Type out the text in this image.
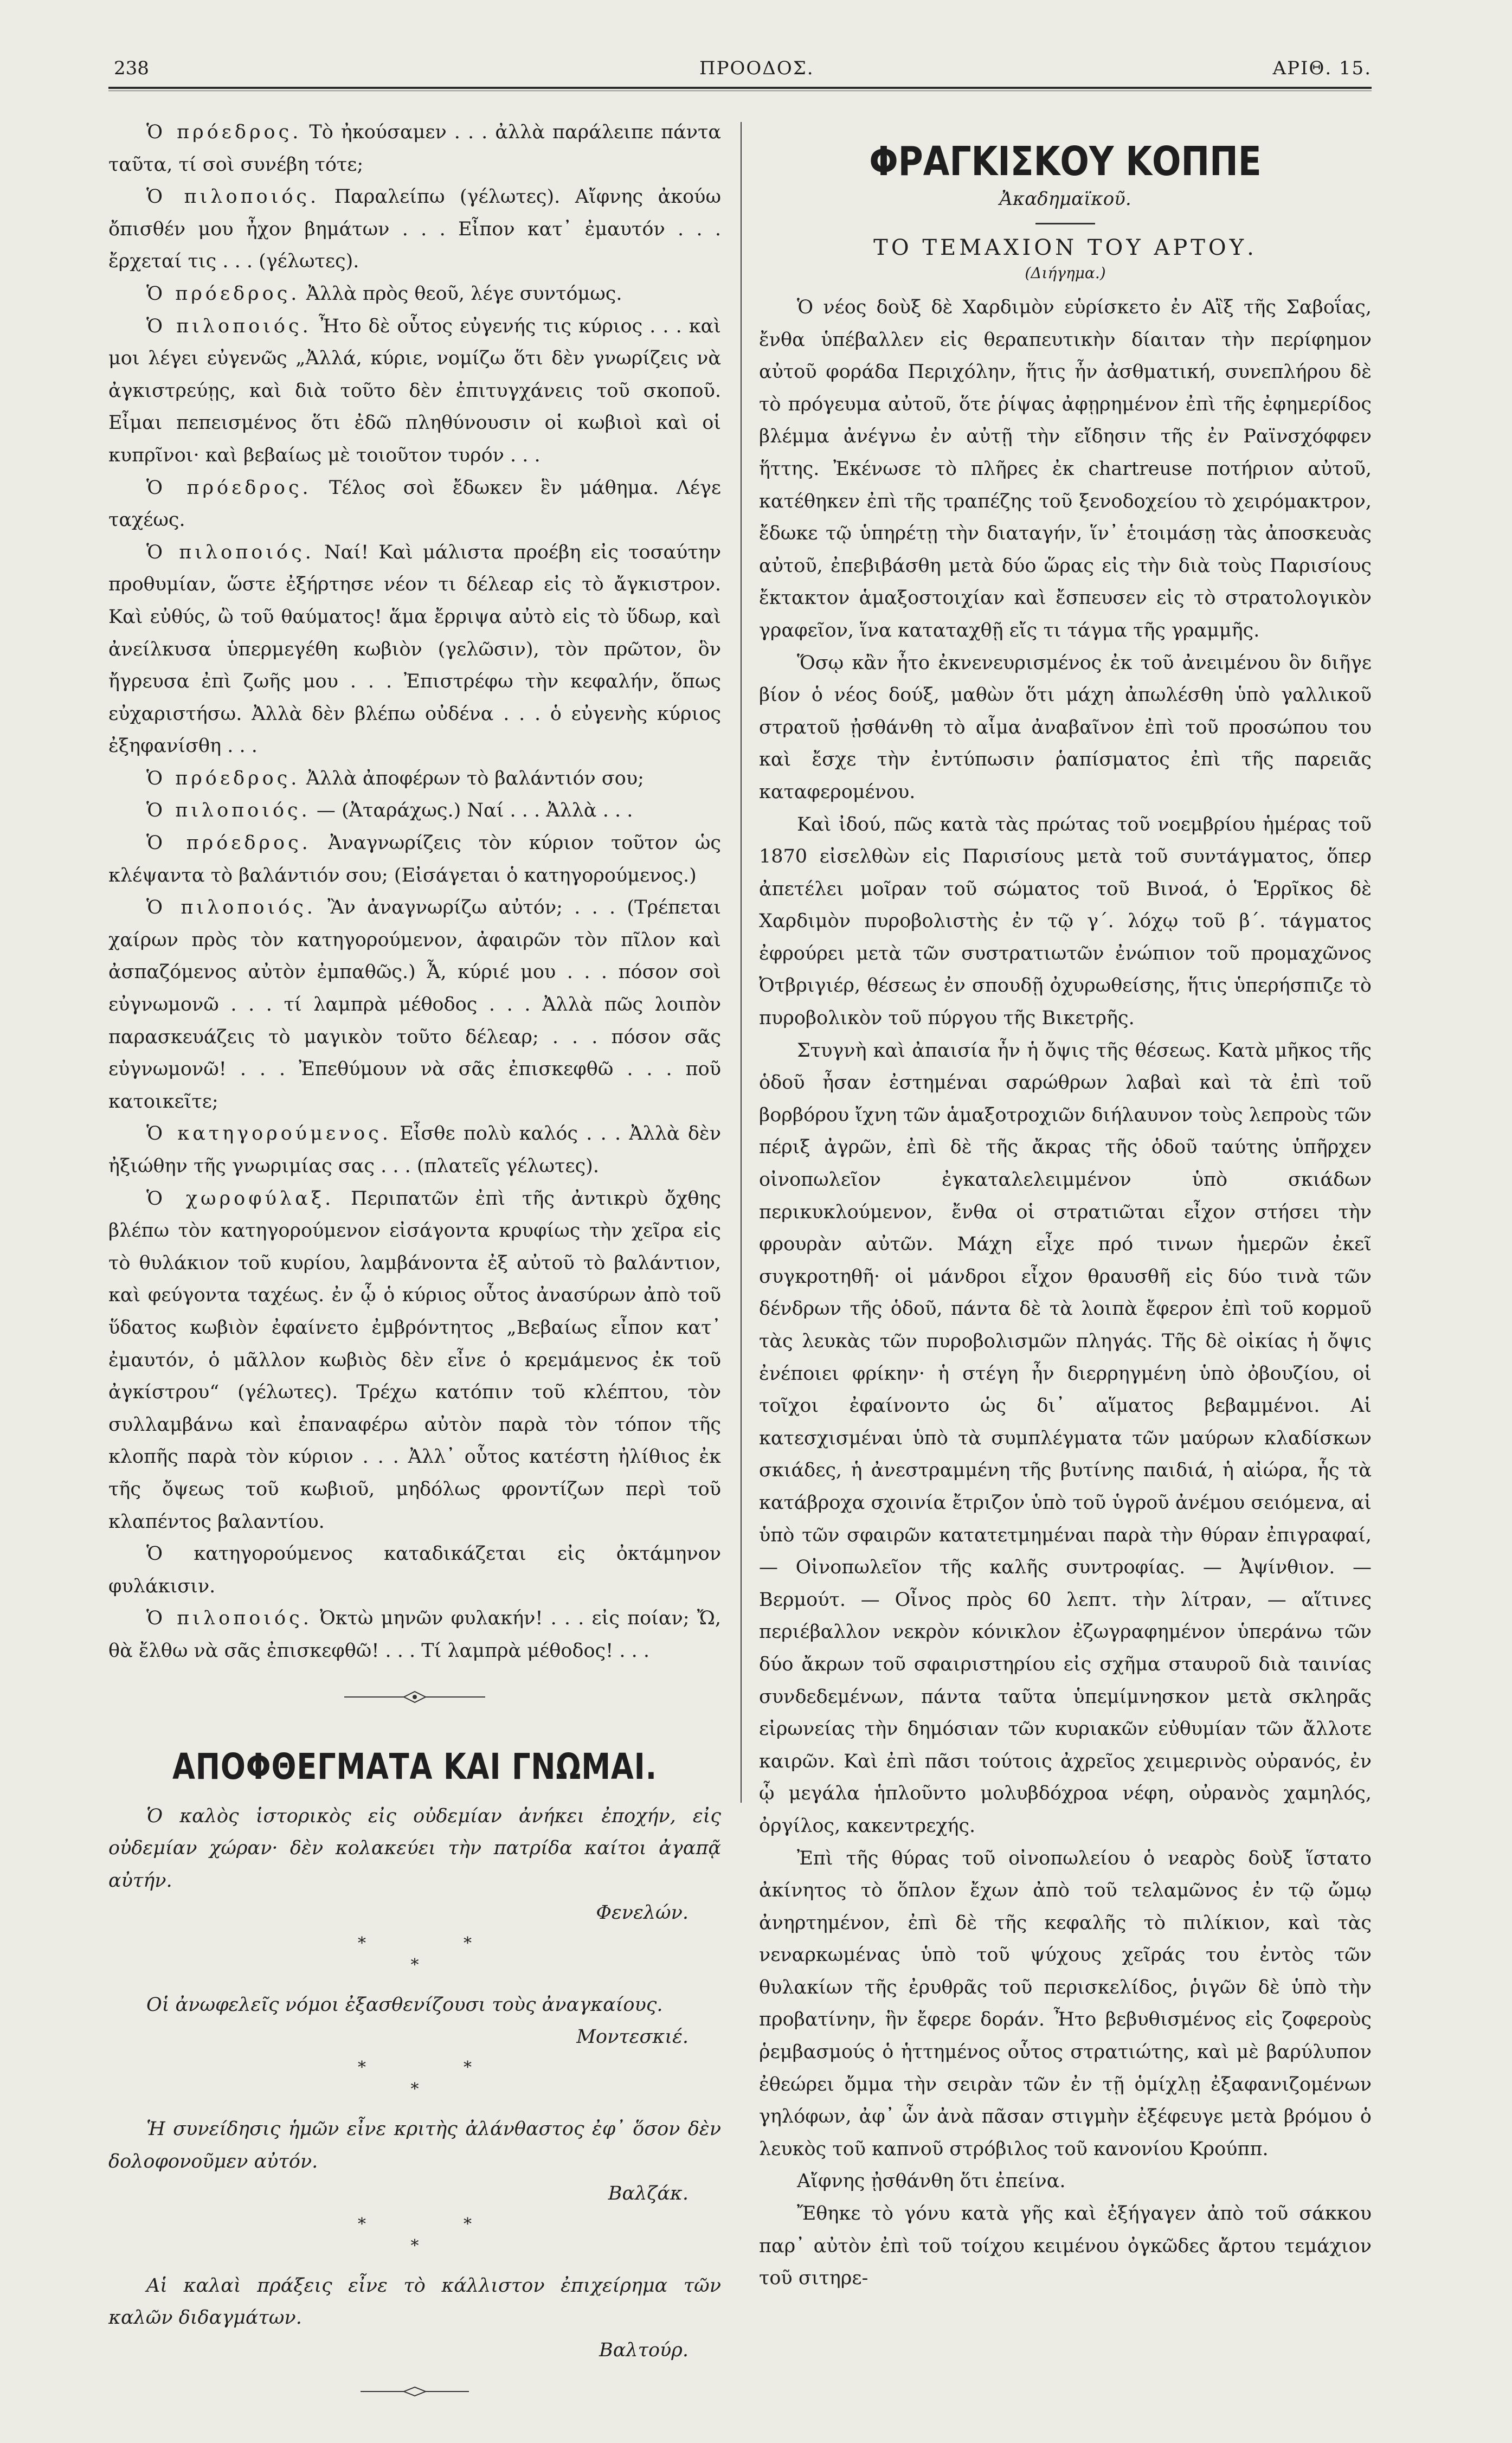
238	ΠΡΟΟΔΟΣ.	ΑΡΙΘ. 15.

Ὁ πρόεδρος. Τὸ ἠκούσαμεν . . . ἀλλὰ παράλειπε πάντα ταῦτα, τί σοὶ συνέβη τότε;

Ὁ πιλοποιός. Παραλείπω (γέλωτες). Αἴφνης ἀκούω ὄπισθέν μου ἦχον βημάτων . . . Εἶπον κατ᾽ ἐμαυτόν . . . ἔρχεταί τις . . . (γέλωτες).

Ὁ πρόεδρος. Ἀλλὰ πρὸς θεοῦ, λέγε συντόμως.

Ὁ πιλοποιός. Ἦτο δὲ οὗτος εὐγενής τις κύριος . . . καὶ μοι λέγει εὐγενῶς „Ἀλλά, κύριε, νομίζω ὅτι δὲν γνωρίζεις νὰ ἀγκιστρεύῃς, καὶ διὰ τοῦτο δὲν ἐπιτυγχάνεις τοῦ σκοποῦ. Εἶμαι πεπεισμένος ὅτι ἐδῶ πληθύνουσιν οἱ κωβιοὶ καὶ οἱ κυπρῖνοι· καὶ βεβαίως μὲ τοιοῦτον τυρόν . . .

Ὁ πρόεδρος. Τέλος σοὶ ἔδωκεν ἓν μάθημα. Λέγε ταχέως.

Ὁ πιλοποιός. Ναί! Καὶ μάλιστα προέβη εἰς τοσαύτην προθυμίαν, ὥστε ἐξήρτησε νέον τι δέλεαρ εἰς τὸ ἄγκιστρον. Καὶ εὐθύς, ὢ τοῦ θαύματος! ἅμα ἔρριψα αὐτὸ εἰς τὸ ὕδωρ, καὶ ἀνείλκυσα ὑπερμεγέθη κωβιὸν (γελῶσιν), τὸν πρῶτον, ὃν ἤγρευσα ἐπὶ ζωῆς μου . . . Ἐπιστρέφω τὴν κεφαλήν, ὅπως εὐχαριστήσω. Ἀλλὰ δὲν βλέπω οὐδένα . . . ὁ εὐγενὴς κύριος ἐξηφανίσθη . . .

Ὁ πρόεδρος. Ἀλλὰ ἀποφέρων τὸ βαλάντιόν σου;

Ὁ πιλοποιός. — (Ἀταράχως.) Ναί . . . Ἀλλὰ . . .

Ὁ πρόεδρος. Ἀναγνωρίζεις τὸν κύριον τοῦτον ὡς κλέψαντα τὸ βαλάντιόν σου; (Εἰσάγεται ὁ κατηγορούμενος.)

Ὁ πιλοποιός. Ἂν ἀναγνωρίζω αὐτόν; . . . (Τρέπεται χαίρων πρὸς τὸν κατηγορούμενον, ἀφαιρῶν τὸν πῖλον καὶ ἀσπαζόμενος αὐτὸν ἐμπαθῶς.) Ἆ, κύριέ μου . . . πόσον σοὶ εὐγνωμονῶ . . . τί λαμπρὰ μέθοδος . . . Ἀλλὰ πῶς λοιπὸν παρασκευάζεις τὸ μαγικὸν τοῦτο δέλεαρ; . . . πόσον σᾶς εὐγνωμονῶ! . . . Ἐπεθύμουν νὰ σᾶς ἐπισκεφθῶ . . . ποῦ κατοικεῖτε;

Ὁ κατηγορούμενος. Εἶσθε πολὺ καλός . . . Ἀλλὰ δὲν ἠξιώθην τῆς γνωριμίας σας . . . (πλατεῖς γέλωτες).

Ὁ χωροφύλαξ. Περιπατῶν ἐπὶ τῆς ἀντικρὺ ὄχθης βλέπω τὸν κατηγορούμενον εἰσάγοντα κρυφίως τὴν χεῖρα εἰς τὸ θυλάκιον τοῦ κυρίου, λαμβάνοντα ἐξ αὐτοῦ τὸ βαλάντιον, καὶ φεύγοντα ταχέως. ἐν ᾧ ὁ κύριος οὗτος ἀνασύρων ἀπὸ τοῦ ὕδατος κωβιὸν ἐφαίνετο ἐμβρόντητος „Βεβαίως εἶπον κατ᾽ ἐμαυτόν, ὁ μᾶλλον κωβιὸς δὲν εἶνε ὁ κρεμάμενος ἐκ τοῦ ἀγκίστρου“ (γέλωτες). Τρέχω κατόπιν τοῦ κλέπτου, τὸν συλλαμβάνω καὶ ἐπαναφέρω αὐτὸν παρὰ τὸν τόπον τῆς κλοπῆς παρὰ τὸν κύριον . . . Ἀλλ᾽ οὗτος κατέστη ἠλίθιος ἐκ τῆς ὄψεως τοῦ κωβιοῦ, μηδόλως φροντίζων περὶ τοῦ κλαπέντος βαλαντίου.

Ὁ κατηγορούμενος καταδικάζεται εἰς ὀκτάμηνον φυλάκισιν.

Ὁ πιλοποιός. Ὀκτὼ μηνῶν φυλακήν! . . . εἰς ποίαν; Ὤ, θὰ ἔλθω νὰ σᾶς ἐπισκεφθῶ! . . . Τί λαμπρὰ μέθοδος! . . .

ΑΠΟΦΘΕΓΜΑΤΑ ΚΑΙ ΓΝΩΜΑΙ.
Ὁ καλὸς ἱστορικὸς εἰς οὐδεμίαν ἀνήκει ἐποχήν, εἰς οὐδεμίαν χώραν· δὲν κολακεύει τὴν πατρίδα καίτοι ἀγαπᾷ αὐτήν.
Φενελών.
*	*
*
Οἱ ἀνωφελεῖς νόμοι ἐξασθενίζουσι τοὺς ἀναγκαίους.
Μοντεσκιέ.
*	*
*
Ἡ συνείδησις ἡμῶν εἶνε κριτὴς ἀλάνθαστος ἐφ᾽ ὅσον δὲν δολοφονοῦμεν αὐτόν.
Βαλζάκ.
*	*
*
Αἱ καλαὶ πράξεις εἶνε τὸ κάλλιστον ἐπιχείρημα τῶν καλῶν διδαγμάτων.
Βαλτούρ.
ΦΡΑΓΚΙΣΚΟΥ ΚΟΠΠΕ
Ἀκαδημαϊκοῦ.
ΤΟ ΤΕΜΑΧΙΟΝ ΤΟΥ ΑΡΤΟΥ.
(Διήγημα.)

Ὁ νέος δοὺξ δὲ Χαρδιμὸν εὑρίσκετο ἐν Αἲξ τῆς Σαβοΐας, ἔνθα ὑπέβαλλεν εἰς θεραπευτικὴν δίαιταν τὴν περίφημον αὐτοῦ φοράδα Περιχόλην, ἥτις ἦν ἀσθματική, συνεπλήρου δὲ τὸ πρόγευμα αὐτοῦ, ὅτε ῥίψας ἀφῃρημένον ἐπὶ τῆς ἐφημερίδος βλέμμα ἀνέγνω ἐν αὐτῇ τὴν εἴδησιν τῆς ἐν Ραϊνσχόφφεν ἥττης. Ἐκένωσε τὸ πλῆρες ἐκ chartreuse ποτήριον αὐτοῦ, κατέθηκεν ἐπὶ τῆς τραπέζης τοῦ ξενοδοχείου τὸ χειρόμακτρον, ἔδωκε τῷ ὑπηρέτῃ τὴν διαταγήν, ἵν᾽ ἑτοιμάσῃ τὰς ἀποσκευὰς αὐτοῦ, ἐπεβιβάσθη μετὰ δύο ὥρας εἰς τὴν διὰ τοὺς Παρισίους ἔκτακτον ἁμαξοστοιχίαν καὶ ἔσπευσεν εἰς τὸ στρατολογικὸν γραφεῖον, ἵνα καταταχθῇ εἴς τι τάγμα τῆς γραμμῆς.

Ὅσῳ κἂν ἦτο ἐκνενευρισμένος ἐκ τοῦ ἀνειμένου ὃν διῆγε βίον ὁ νέος δούξ, μαθὼν ὅτι μάχη ἀπωλέσθη ὑπὸ γαλλικοῦ στρατοῦ ᾐσθάνθη τὸ αἷμα ἀναβαῖνον ἐπὶ τοῦ προσώπου του καὶ ἔσχε τὴν ἐντύπωσιν ῥαπίσματος ἐπὶ τῆς παρειᾶς καταφερομένου.

Καὶ ἰδού, πῶς κατὰ τὰς πρώτας τοῦ νοεμβρίου ἡμέρας τοῦ 1870 εἰσελθὼν εἰς Παρισίους μετὰ τοῦ συντάγματος, ὅπερ ἀπετέλει μοῖραν τοῦ σώματος τοῦ Βινοά, ὁ Ἑρρῖκος δὲ Χαρδιμὸν πυροβολιστὴς ἐν τῷ γ΄. λόχῳ τοῦ β΄. τάγματος ἐφρούρει μετὰ τῶν συστρατιωτῶν ἐνώπιον τοῦ προμαχῶνος Ὀτβριγιέρ, θέσεως ἐν σπουδῇ ὀχυρωθείσης, ἥτις ὑπερήσπιζε τὸ πυροβολικὸν τοῦ πύργου τῆς Βικετρῆς.

Στυγνὴ καὶ ἀπαισία ἦν ἡ ὄψις τῆς θέσεως. Κατὰ μῆκος τῆς ὁδοῦ ἦσαν ἐστημέναι σαρώθρων λαβαὶ καὶ τὰ ἐπὶ τοῦ βορβόρου ἴχνη τῶν ἁμαξοτροχιῶν διήλαυνον τοὺς λεπροὺς τῶν πέριξ ἀγρῶν, ἐπὶ δὲ τῆς ἄκρας τῆς ὁδοῦ ταύτης ὑπῆρχεν οἰνοπωλεῖον ἐγκαταλελειμμένον ὑπὸ σκιάδων περικυκλούμενον, ἔνθα οἱ στρατιῶται εἶχον στήσει τὴν φρουρὰν αὐτῶν. Μάχη εἶχε πρό τινων ἡμερῶν ἐκεῖ συγκροτηθῆ· οἱ μάνδροι εἶχον θραυσθῆ εἰς δύο τινὰ τῶν δένδρων τῆς ὁδοῦ, πάντα δὲ τὰ λοιπὰ ἔφερον ἐπὶ τοῦ κορμοῦ τὰς λευκὰς τῶν πυροβολισμῶν πληγάς. Τῆς δὲ οἰκίας ἡ ὄψις ἐνέποιει φρίκην· ἡ στέγη ἦν διερρηγμένη ὑπὸ ὀβουζίου, οἱ τοῖχοι ἐφαίνοντο ὡς δι᾽ αἵματος βεβαμμένοι. Αἱ κατεσχισμέναι ὑπὸ τὰ συμπλέγματα τῶν μαύρων κλαδίσκων σκιάδες, ἡ ἀνεστραμμένη τῆς βυτίνης παιδιά, ἡ αἰώρα, ἧς τὰ κατάβροχα σχοινία ἔτριζον ὑπὸ τοῦ ὑγροῦ ἀνέμου σειόμενα, αἱ ὑπὸ τῶν σφαιρῶν κατατετμημέναι παρὰ τὴν θύραν ἐπιγραφαί, — Οἰνοπωλεῖον τῆς καλῆς συντροφίας. — Ἀψίνθιον. — Βερμούτ. — Οἶνος πρὸς 60 λεπτ. τὴν λίτραν, — αἵτινες περιέβαλλον νεκρὸν κόνικλον ἐζωγραφημένον ὑπεράνω τῶν δύο ἄκρων τοῦ σφαιριστηρίου εἰς σχῆμα σταυροῦ διὰ ταινίας συνδεδεμένων, πάντα ταῦτα ὑπεμίμνησκον μετὰ σκληρᾶς εἰρωνείας τὴν δημόσιαν τῶν κυριακῶν εὐθυμίαν τῶν ἄλλοτε καιρῶν. Καὶ ἐπὶ πᾶσι τούτοις ἀχρεῖος χειμερινὸς οὐρανός, ἐν ᾧ μεγάλα ἡπλοῦντο μολυβδόχροα νέφη, οὐρανὸς χαμηλός, ὀργίλος, κακεντρεχής.

Ἐπὶ τῆς θύρας τοῦ οἰνοπωλείου ὁ νεαρὸς δοὺξ ἵστατο ἀκίνητος τὸ ὅπλον ἔχων ἀπὸ τοῦ τελαμῶνος ἐν τῷ ὤμῳ ἀνηρτημένον, ἐπὶ δὲ τῆς κεφαλῆς τὸ πιλίκιον, καὶ τὰς νεναρκωμένας ὑπὸ τοῦ ψύχους χεῖράς του ἐντὸς τῶν θυλακίων τῆς ἐρυθρᾶς τοῦ περισκελίδος, ῥιγῶν δὲ ὑπὸ τὴν προβατίνην, ἣν ἔφερε δοράν. Ἦτο βεβυθισμένος εἰς ζοφεροὺς ῥεμβασμούς ὁ ἡττημένος οὗτος στρατιώτης, καὶ μὲ βαρύλυπον ἐθεώρει ὄμμα τὴν σειρὰν τῶν ἐν τῇ ὁμίχλῃ ἐξαφανιζομένων γηλόφων, ἀφ᾽ ὧν ἀνὰ πᾶσαν στιγμὴν ἐξέφευγε μετὰ βρόμου ὁ λευκὸς τοῦ καπνοῦ στρόβιλος τοῦ κανονίου Κρούππ.

Αἴφνης ᾐσθάνθη ὅτι ἐπείνα.

Ἔθηκε τὸ γόνυ κατὰ γῆς καὶ ἐξήγαγεν ἀπὸ τοῦ σάκκου παρ᾽ αὐτὸν ἐπὶ τοῦ τοίχου κειμένου ὀγκῶδες ἄρτου τεμάχιον τοῦ σιτηρε-
